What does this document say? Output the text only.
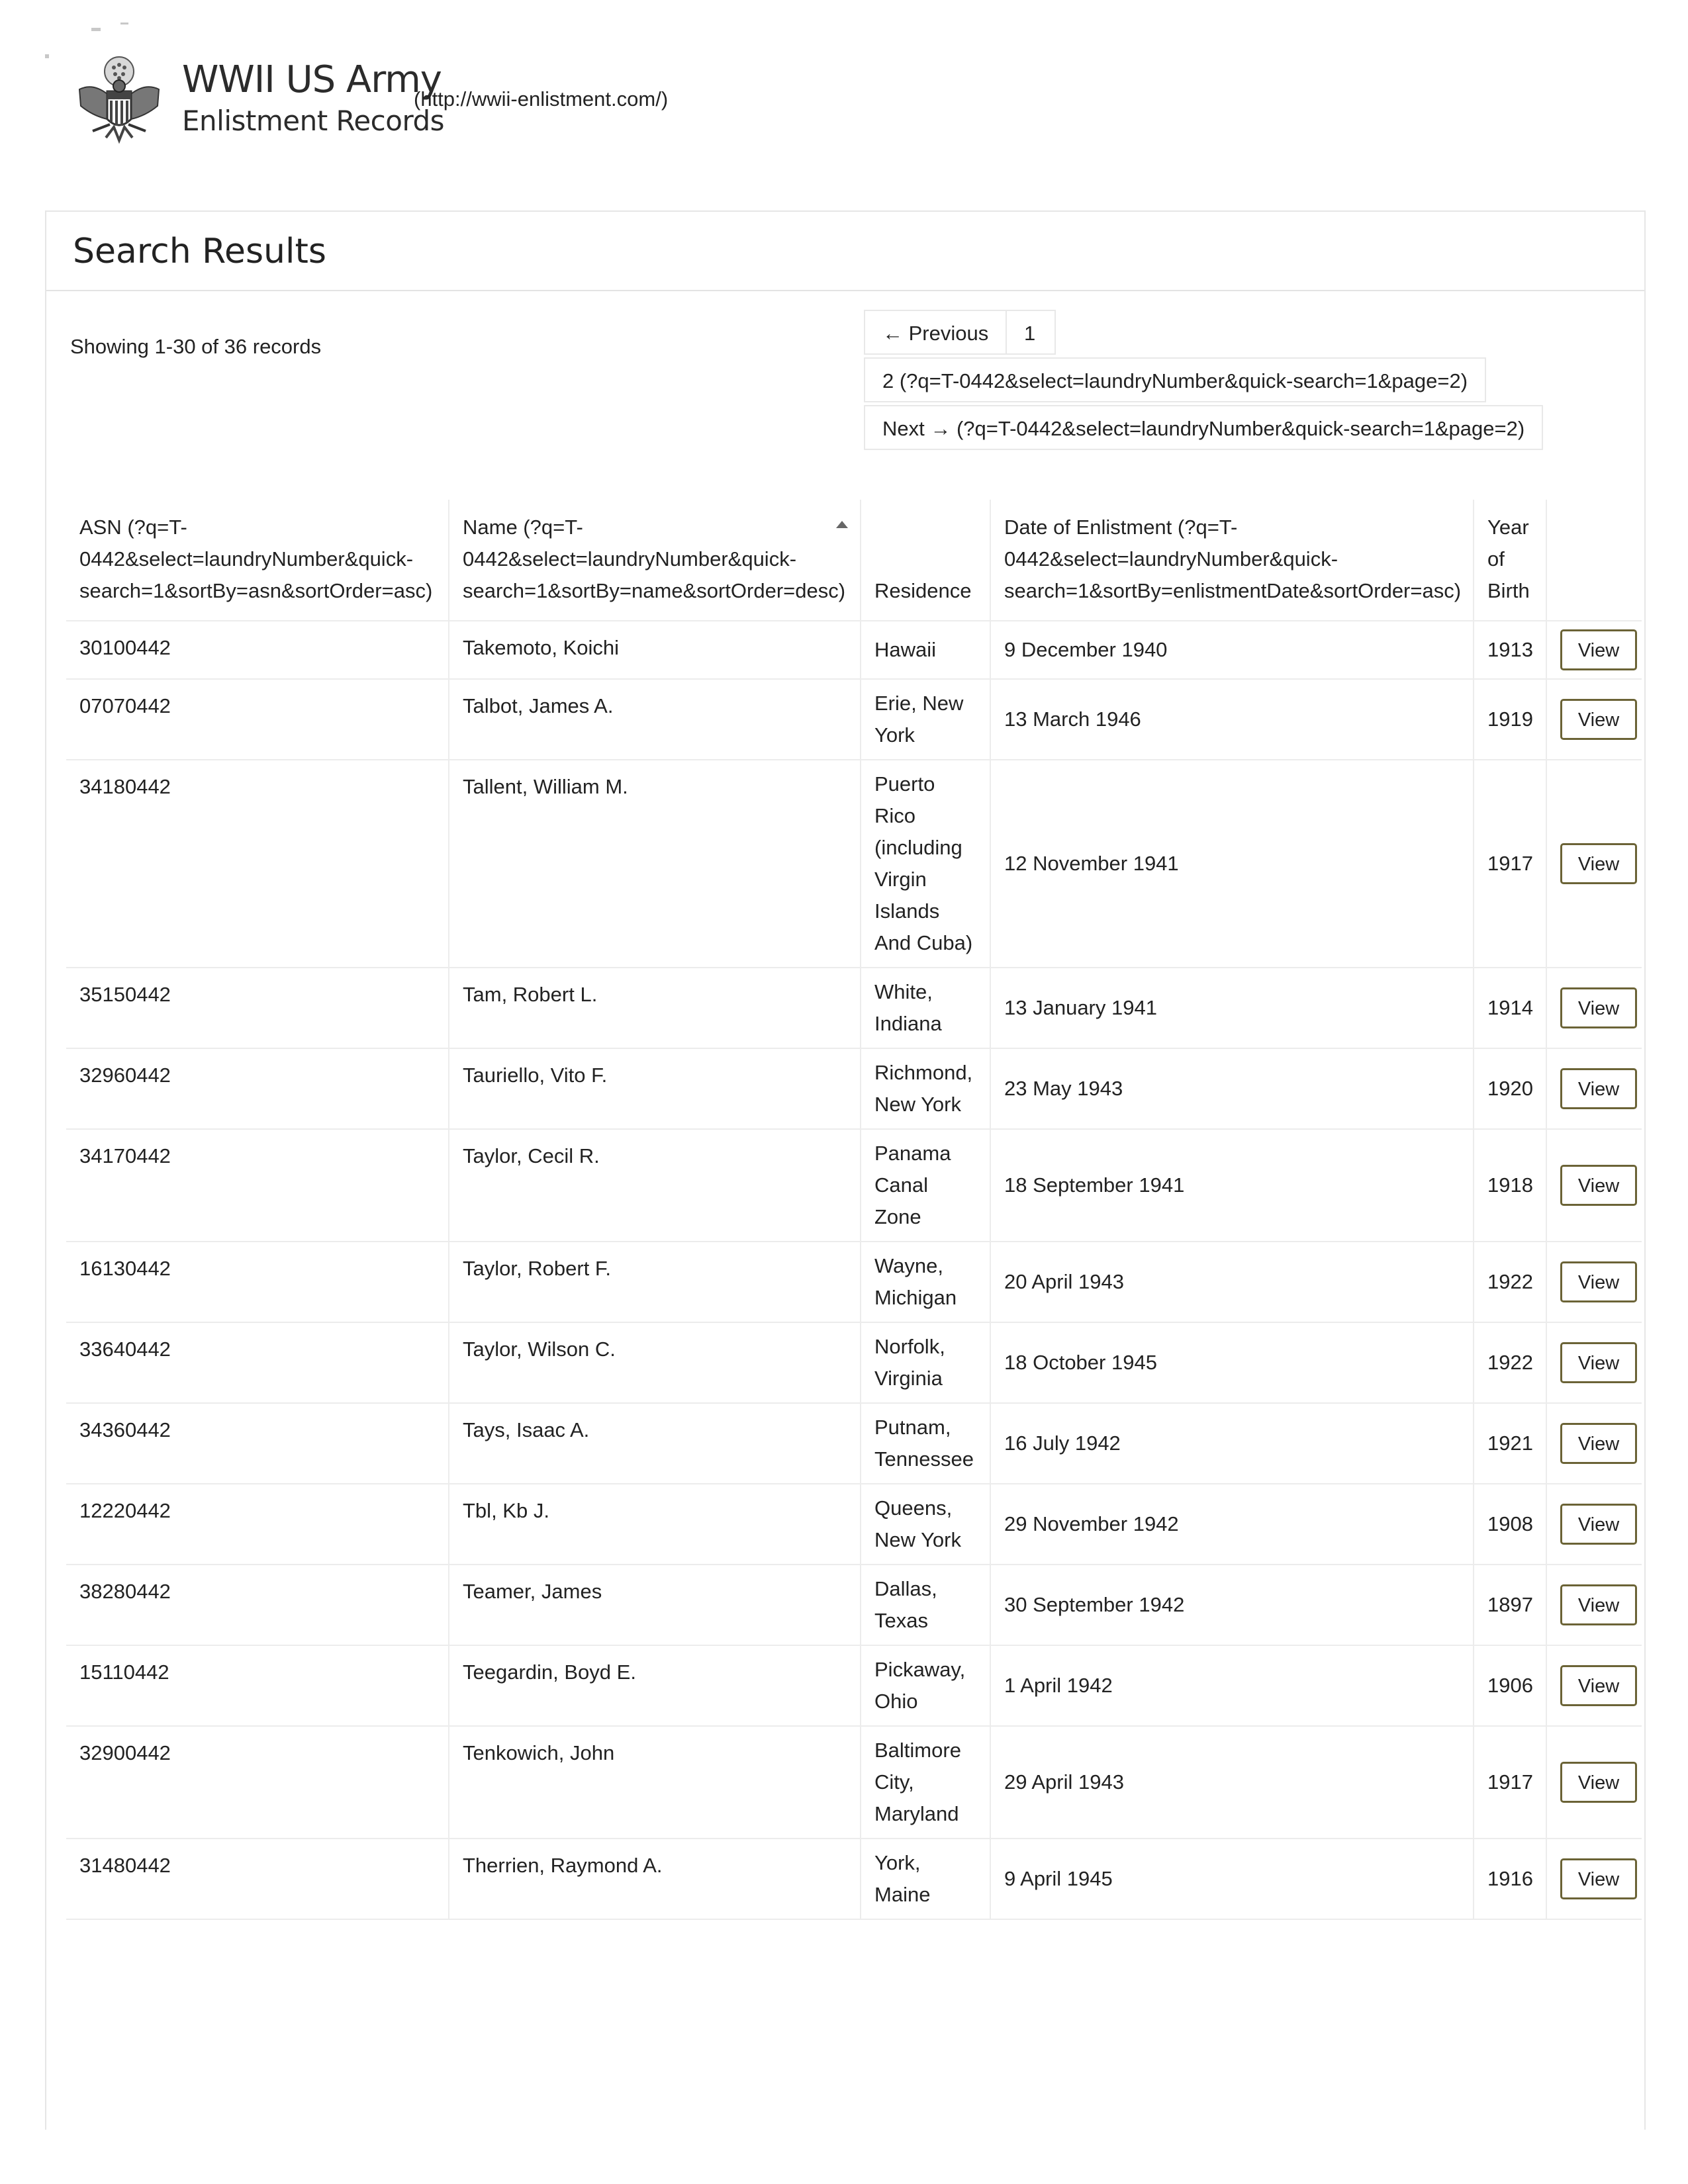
WWII US Army
(http://wwii-enlistment.com/)
Enlistment Records
Search Results
Showing 1-30 of 36 records
← Previous	1
2 (?q=T-0442&select=laundryNumber&quick-search=1&page=2)
Next → (?q=T-0442&select=laundryNumber&quick-search=1&page=2)
ASN (?q=T-0442&select=laundryNumber&quick-search=1&sortBy=asn&sortOrder=asc)	Name (?q=T-0442&select=laundryNumber&quick-search=1&sortBy=name&sortOrder=desc)	Residence	Date of Enlistment (?q=T-0442&select=laundryNumber&quick-search=1&sortBy=enlistmentDate&sortOrder=asc)	Year of Birth	
30100442	Takemoto, Koichi	Hawaii	9 December 1940	1913	View
07070442	Talbot, James A.	Erie, New York	13 March 1946	1919	View
34180442	Tallent, William M.	Puerto Rico (including Virgin Islands And Cuba)	12 November 1941	1917	View
35150442	Tam, Robert L.	White, Indiana	13 January 1941	1914	View
32960442	Tauriello, Vito F.	Richmond, New York	23 May 1943	1920	View
34170442	Taylor, Cecil R.	Panama Canal Zone	18 September 1941	1918	View
16130442	Taylor, Robert F.	Wayne, Michigan	20 April 1943	1922	View
33640442	Taylor, Wilson C.	Norfolk, Virginia	18 October 1945	1922	View
34360442	Tays, Isaac A.	Putnam, Tennessee	16 July 1942	1921	View
12220442	Tbl, Kb J.	Queens, New York	29 November 1942	1908	View
38280442	Teamer, James	Dallas, Texas	30 September 1942	1897	View
15110442	Teegardin, Boyd E.	Pickaway, Ohio	1 April 1942	1906	View
32900442	Tenkowich, John	Baltimore City, Maryland	29 April 1943	1917	View
31480442	Therrien, Raymond A.	York, Maine	9 April 1945	1916	View
